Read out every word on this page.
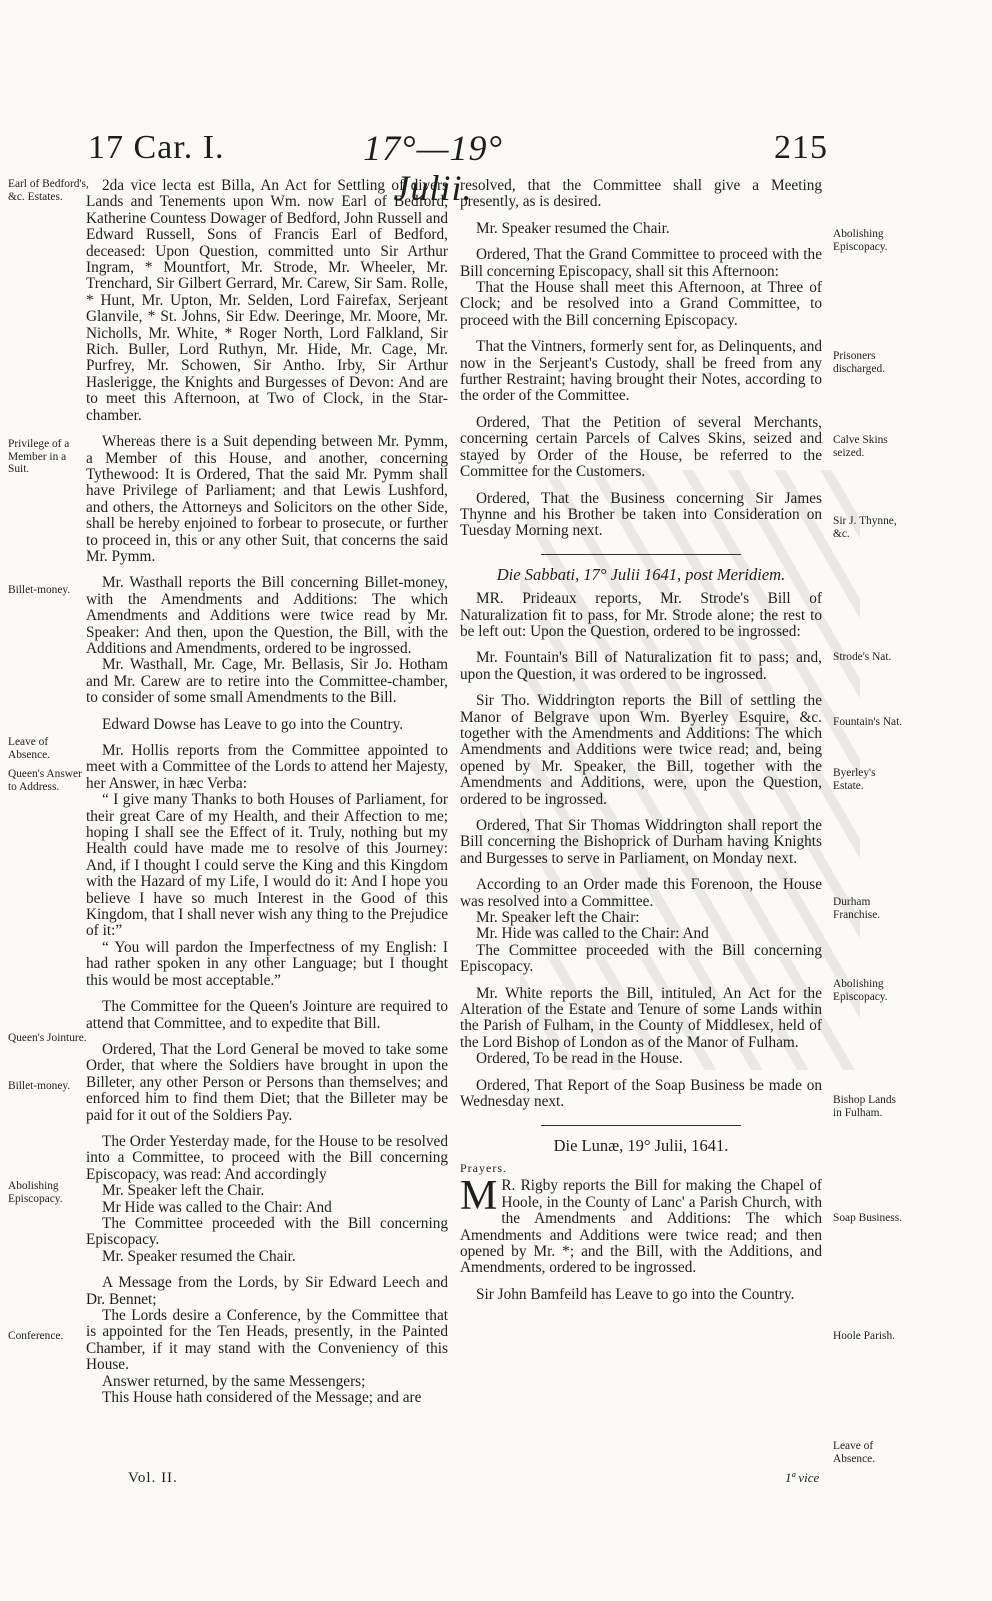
17 Car. I.	17°—19° Julii.
215
Earl of Bedford's, &c. Estates.
Privilege of a Member in a Suit.
Billet-money.
Leave of Absence.
Queen's Answer to Address.
Queen's Jointure.
Billet-money.
Abolishing Episcopacy.
Conference.
Abolishing Episcopacy.
Prisoners discharged.
Calve Skins seized.
Sir J. Thynne, &c.
Strode's Nat.
Fountain's Nat.
Byerley's Estate.
Durham Franchise.
Abolishing Episcopacy.
Bishop Lands in Fulham.
Soap Business.
Hoole Parish.
Leave of Absence.

2da vice lecta est Billa, An Act for Settling of divers Lands and Tenements upon Wm. now Earl of Bedford, Katherine Countess Dowager of Bedford, John Russell and Edward Russell, Sons of Francis Earl of Bedford, deceased: Upon Question, committed unto Sir Arthur Ingram, * Mountfort, Mr. Strode, Mr. Wheeler, Mr. Trenchard, Sir Gilbert Gerrard, Mr. Carew, Sir Sam. Rolle, * Hunt, Mr. Upton, Mr. Selden, Lord Fairefax, Serjeant Glanvile, * St. Johns, Sir Edw. Deeringe, Mr. Moore, Mr. Nicholls, Mr. White, * Roger North, Lord Falkland, Sir Rich. Buller, Lord Ruthyn, Mr. Hide, Mr. Cage, Mr. Purfrey, Mr. Schowen, Sir Antho. Irby, Sir Arthur Haslerigge, the Knights and Burgesses of Devon: And are to meet this Afternoon, at Two of Clock, in the Star-chamber.

Whereas there is a Suit depending between Mr. Pymm, a Member of this House, and another, concerning Tythewood: It is Ordered, That the said Mr. Pymm shall have Privilege of Parliament; and that Lewis Lushford, and others, the Attorneys and Solicitors on the other Side, shall be hereby enjoined to forbear to prosecute, or further to proceed in, this or any other Suit, that concerns the said Mr. Pymm.

Mr. Wasthall reports the Bill concerning Billet-money, with the Amendments and Additions: The which Amendments and Additions were twice read by Mr. Speaker: And then, upon the Question, the Bill, with the Additions and Amendments, ordered to be ingrossed.

Mr. Wasthall, Mr. Cage, Mr. Bellasis, Sir Jo. Hotham and Mr. Carew are to retire into the Committee-chamber, to consider of some small Amendments to the Bill.

Edward Dowse has Leave to go into the Country.

Mr. Hollis reports from the Committee appointed to meet with a Committee of the Lords to attend her Majesty, her Answer, in hæc Verba:

“ I give many Thanks to both Houses of Parliament, for their great Care of my Health, and their Affection to me; hoping I shall see the Effect of it. Truly, nothing but my Health could have made me to resolve of this Journey: And, if I thought I could serve the King and this Kingdom with the Hazard of my Life, I would do it: And I hope you believe I have so much Interest in the Good of this Kingdom, that I shall never wish any thing to the Prejudice of it:”

“ You will pardon the Imperfectness of my English: I had rather spoken in any other Language; but I thought this would be most acceptable.”

The Committee for the Queen's Jointure are required to attend that Committee, and to expedite that Bill.

Ordered, That the Lord General be moved to take some Order, that where the Soldiers have brought in upon the Billeter, any other Person or Persons than themselves; and enforced him to find them Diet; that the Billeter may be paid for it out of the Soldiers Pay.

The Order Yesterday made, for the House to be resolved into a Committee, to proceed with the Bill concerning Episcopacy, was read: And accordingly

Mr. Speaker left the Chair.

Mr Hide was called to the Chair: And

The Committee proceeded with the Bill concerning Episcopacy.

Mr. Speaker resumed the Chair.

A Message from the Lords, by Sir Edward Leech and Dr. Bennet;

The Lords desire a Conference, by the Committee that is appointed for the Ten Heads, presently, in the Painted Chamber, if it may stand with the Conveniency of this House.

Answer returned, by the same Messengers;

This House hath considered of the Message; and are

resolved, that the Committee shall give a Meeting presently, as is desired.

Mr. Speaker resumed the Chair.

Ordered, That the Grand Committee to proceed with the Bill concerning Episcopacy, shall sit this Afternoon:

That the House shall meet this Afternoon, at Three of Clock; and be resolved into a Grand Committee, to proceed with the Bill concerning Episcopacy.

That the Vintners, formerly sent for, as Delinquents, and now in the Serjeant's Custody, shall be freed from any further Restraint; having brought their Notes, according to the order of the Committee.

Ordered, That the Petition of several Merchants, concerning certain Parcels of Calves Skins, seized and stayed by Order of the House, be referred to the Committee for the Customers.

Ordered, That the Business concerning Sir James Thynne and his Brother be taken into Consideration on Tuesday Morning next.

Die Sabbati, 17° Julii 1641, post Meridiem.

MR. Prideaux reports, Mr. Strode's Bill of Naturalization fit to pass, for Mr. Strode alone; the rest to be left out: Upon the Question, ordered to be ingrossed:

Mr. Fountain's Bill of Naturalization fit to pass; and, upon the Question, it was ordered to be ingrossed.

Sir Tho. Widdrington reports the Bill of settling the Manor of Belgrave upon Wm. Byerley Esquire, &c. together with the Amendments and Additions: The which Amendments and Additions were twice read; and, being opened by Mr. Speaker, the Bill, together with the Amendments and Additions, were, upon the Question, ordered to be ingrossed.

Ordered, That Sir Thomas Widdrington shall report the Bill concerning the Bishoprick of Durham having Knights and Burgesses to serve in Parliament, on Monday next.

According to an Order made this Forenoon, the House was resolved into a Committee.

Mr. Speaker left the Chair:

Mr. Hide was called to the Chair: And

The Committee proceeded with the Bill concerning Episcopacy.

Mr. White reports the Bill, intituled, An Act for the Alteration of the Estate and Tenure of some Lands within the Parish of Fulham, in the County of Middlesex, held of the Lord Bishop of London as of the Manor of Fulham.

Ordered, To be read in the House.

Ordered, That Report of the Soap Business be made on Wednesday next.

Die Lunæ, 19° Julii, 1641.

Prayers.

M R. Rigby reports the Bill for making the Chapel of Hoole, in the County of Lanc' a Parish Church, with the Amendments and Additions: The which Amendments and Additions were twice read; and then opened by Mr. *; and the Bill, with the Additions, and Amendments, ordered to be ingrossed.

Sir John Bamfeild has Leave to go into the Country.

Vol. II.	1ª vice
